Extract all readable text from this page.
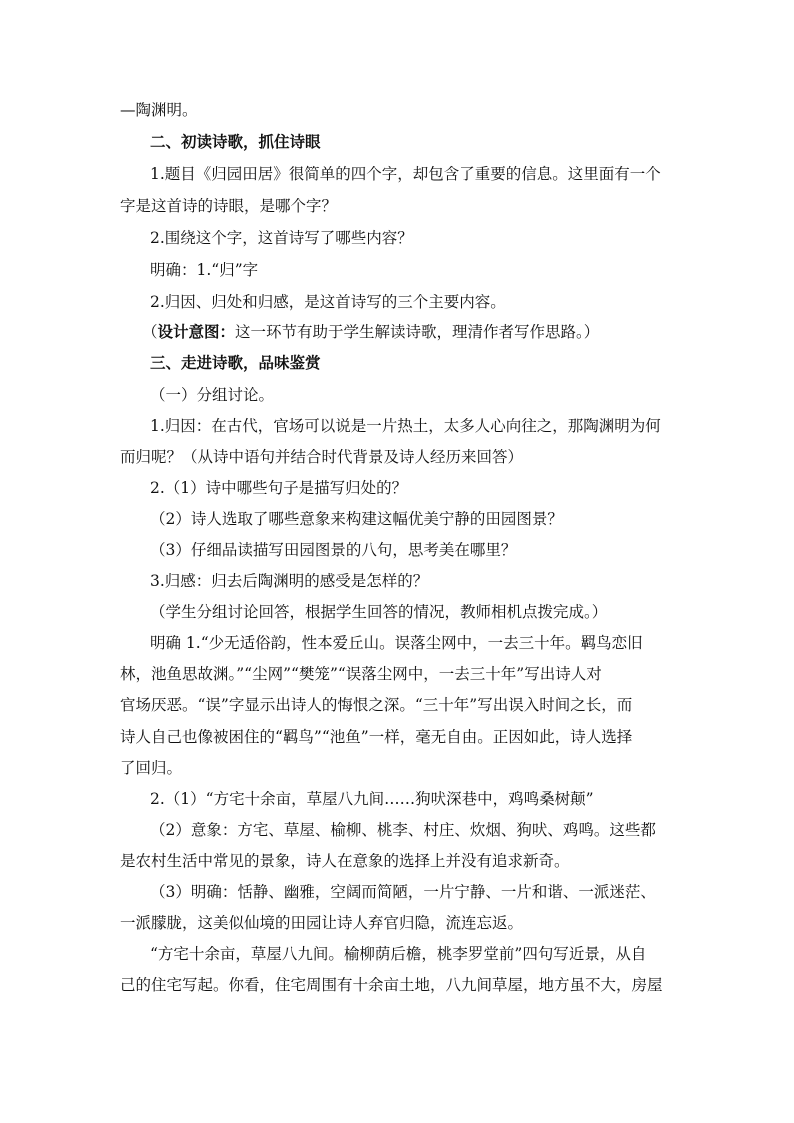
—陶渊明。
二、初读诗歌，抓住诗眼
1.题目《归园田居》很简单的四个字，却包含了重要的信息。这里面有一个
字是这首诗的诗眼，是哪个字？
2.围绕这个字，这首诗写了哪些内容？
明确：1.“归”字
2.归因、归处和归感，是这首诗写的三个主要内容。
（设计意图：这一环节有助于学生解读诗歌，理清作者写作思路。）
三、走进诗歌，品味鉴赏
（一）分组讨论。
1.归因：在古代，官场可以说是一片热土，太多人心向往之，那陶渊明为何
而归呢？（从诗中语句并结合时代背景及诗人经历来回答）
2.（1）诗中哪些句子是描写归处的？
（2）诗人选取了哪些意象来构建这幅优美宁静的田园图景？
（3）仔细品读描写田园图景的八句，思考美在哪里？
3.归感：归去后陶渊明的感受是怎样的？
（学生分组讨论回答，根据学生回答的情况，教师相机点拨完成。）
明确 1.“少无适俗韵，性本爱丘山。误落尘网中，一去三十年。羁鸟恋旧
林，池鱼思故渊。”“尘网”“樊笼”“误落尘网中，一去三十年”写出诗人对
官场厌恶。“误”字显示出诗人的悔恨之深。“三十年”写出误入时间之长，而
诗人自己也像被困住的“羁鸟”“池鱼”一样，毫无自由。正因如此，诗人选择
了回归。
2.（1）“方宅十余亩，草屋八九间……狗吠深巷中，鸡鸣桑树颠”
（2）意象：方宅、草屋、榆柳、桃李、村庄、炊烟、狗吠、鸡鸣。这些都
是农村生活中常见的景象，诗人在意象的选择上并没有追求新奇。
（3）明确：恬静、幽雅，空阔而简陋，一片宁静、一片和谐、一派迷茫、
一派朦胧，这美似仙境的田园让诗人弃官归隐，流连忘返。
“方宅十余亩，草屋八九间。榆柳荫后檐，桃李罗堂前”四句写近景，从自
己的住宅写起。你看，住宅周围有十余亩土地，八九间草屋，地方虽不大，房屋
